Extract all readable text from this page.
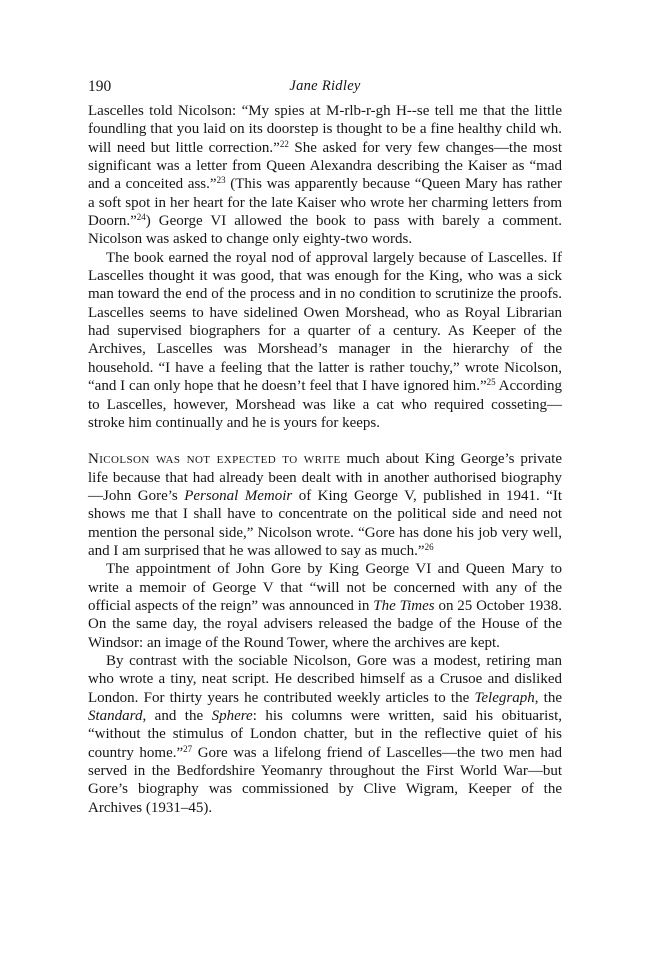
190	Jane Ridley

Lascelles told Nicolson: “My spies at M-rlb-r-gh H--se tell me that the little foundling that you laid on its doorstep is thought to be a fine healthy child wh. will need but little correction.”$^{22}$ She asked for very few changes—the most significant was a letter from Queen Alexandra describing the Kaiser as “mad and a conceited ass.”$^{23}$ (This was apparently because “Queen Mary has rather a soft spot in her heart for the late Kaiser who wrote her charming letters from Doorn.”$^{24}$) George VI allowed the book to pass with barely a comment. Nicolson was asked to change only eighty-two words.

The book earned the royal nod of approval largely because of Lascelles. If Lascelles thought it was good, that was enough for the King, who was a sick man toward the end of the process and in no condition to scrutinize the proofs. Lascelles seems to have sidelined Owen Morshead, who as Royal Librarian had supervised biographers for a quarter of a century. As Keeper of the Archives, Lascelles was Morshead’s manager in the hierarchy of the household. “I have a feeling that the latter is rather touchy,” wrote Nicolson, “and I can only hope that he doesn’t feel that I have ignored him.”$^{25}$ According to Lascelles, however, Morshead was like a cat who required cosseting—stroke him continually and he is yours for keeps.

Nicolson was not expected to write much about King George’s private life because that had already been dealt with in another authorised biography—John Gore’s Personal Memoir of King George V, published in 1941. “It shows me that I shall have to concentrate on the political side and need not mention the personal side,” Nicolson wrote. “Gore has done his job very well, and I am surprised that he was allowed to say as much.”$^{26}$

The appointment of John Gore by King George VI and Queen Mary to write a memoir of George V that “will not be concerned with any of the official aspects of the reign” was announced in The Times on 25 October 1938. On the same day, the royal advisers released the badge of the House of the Windsor: an image of the Round Tower, where the archives are kept.

By contrast with the sociable Nicolson, Gore was a modest, retiring man who wrote a tiny, neat script. He described himself as a Crusoe and disliked London. For thirty years he contributed weekly articles to the Telegraph, the Standard, and the Sphere: his columns were written, said his obituarist, “without the stimulus of London chatter, but in the reflective quiet of his country home.”$^{27}$ Gore was a lifelong friend of Lascelles—the two men had served in the Bedfordshire Yeomanry throughout the First World War—but Gore’s biography was commissioned by Clive Wigram, Keeper of the Archives (1931–45).
